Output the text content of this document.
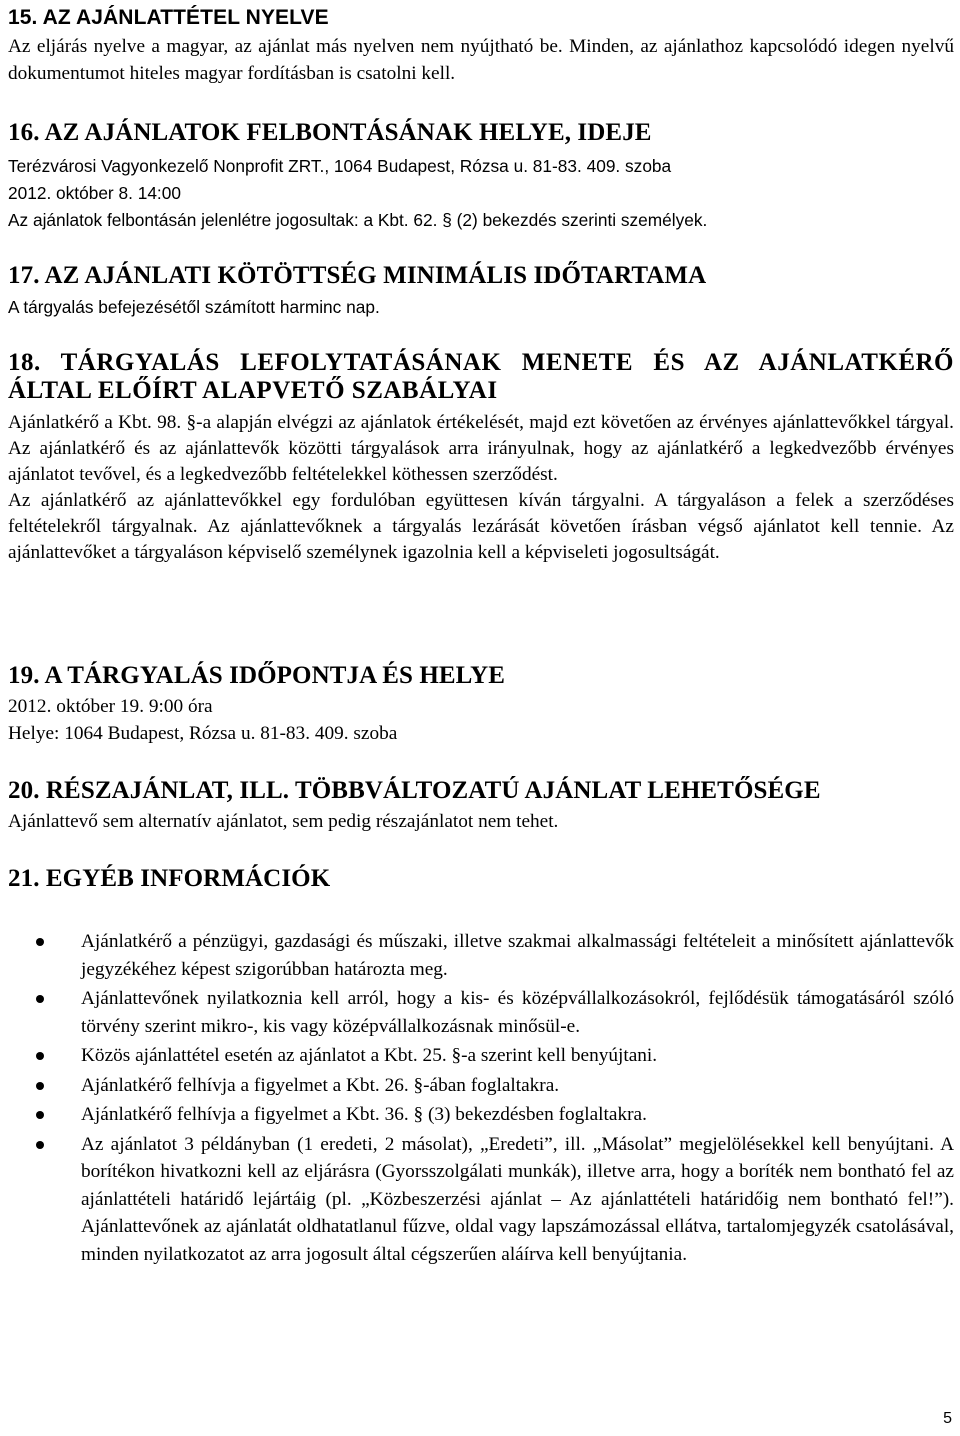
15. AZ AJÁNLATTÉTEL NYELVE
Az eljárás nyelve a magyar, az ajánlat más nyelven nem nyújtható be. Minden, az ajánlathoz kapcsolódó idegen nyelvű dokumentumot hiteles magyar fordításban is csatolni kell.
16. AZ AJÁNLATOK FELBONTÁSÁNAK HELYE, IDEJE
Terézvárosi Vagyonkezelő Nonprofit ZRT., 1064 Budapest, Rózsa u. 81-83. 409. szoba
2012. október 8. 14:00
Az ajánlatok felbontásán jelenlétre jogosultak: a Kbt. 62. § (2) bekezdés szerinti személyek.
17. AZ AJÁNLATI KÖTÖTTSÉG MINIMÁLIS IDŐTARTAMA
A tárgyalás befejezésétől számított harminc nap.
18. TÁRGYALÁS LEFOLYTATÁSÁNAK MENETE ÉS AZ AJÁNLATKÉRŐ ÁLTAL ELŐÍRT ALAPVETŐ SZABÁLYAI
Ajánlatkérő a Kbt. 98. §-a alapján elvégzi az ajánlatok értékelését, majd ezt követően az érvényes ajánlattevőkkel tárgyal. Az ajánlatkérő és az ajánlattevők közötti tárgyalások arra irányulnak, hogy az ajánlatkérő a legkedvezőbb érvényes ajánlatot tevővel, és a legkedvezőbb feltételekkel köthessen szerződést.
Az ajánlatkérő az ajánlattevőkkel egy fordulóban együttesen kíván tárgyalni. A tárgyaláson a felek a szerződéses feltételekről tárgyalnak. Az ajánlattevőknek a tárgyalás lezárását követően írásban végső ajánlatot kell tennie. Az ajánlattevőket a tárgyaláson képviselő személynek igazolnia kell a képviseleti jogosultságát.
19. A TÁRGYALÁS IDŐPONTJA ÉS HELYE
2012. október 19. 9:00 óra
Helye: 1064 Budapest, Rózsa u. 81-83. 409. szoba
20. RÉSZAJÁNLAT, ILL. TÖBBVÁLTOZATÚ AJÁNLAT LEHETŐSÉGE
Ajánlattevő sem alternatív ajánlatot, sem pedig részajánlatot nem tehet.
21. EGYÉB INFORMÁCIÓK
Ajánlatkérő a pénzügyi, gazdasági és műszaki, illetve szakmai alkalmassági feltételeit a minősített ajánlattevők jegyzékéhez képest szigorúbban határozta meg.
Ajánlattevőnek nyilatkoznia kell arról, hogy a kis- és középvállalkozásokról, fejlődésük támogatásáról szóló törvény szerint mikro-, kis vagy középvállalkozásnak minősül-e.
Közös ajánlattétel esetén az ajánlatot a Kbt. 25. §-a szerint kell benyújtani.
Ajánlatkérő felhívja a figyelmet a Kbt. 26. §-ában foglaltakra.
Ajánlatkérő felhívja a figyelmet a Kbt. 36. § (3) bekezdésben foglaltakra.
Az ajánlatot 3 példányban (1 eredeti, 2 másolat), „Eredeti”, ill. „Másolat” megjelölésekkel kell benyújtani. A borítékon hivatkozni kell az eljárásra (Gyorsszolgálati munkák), illetve arra, hogy a boríték nem bontható fel az ajánlattételi határidő lejártáig (pl. „Közbeszerzési ajánlat – Az ajánlattételi határidőig nem bontható fel!”). Ajánlattevőnek az ajánlatát oldhatatlanul fűzve, oldal vagy lapszámozással ellátva, tartalomjegyzék csatolásával, minden nyilatkozatot az arra jogosult által cégszerűen aláírva kell benyújtania.
5
